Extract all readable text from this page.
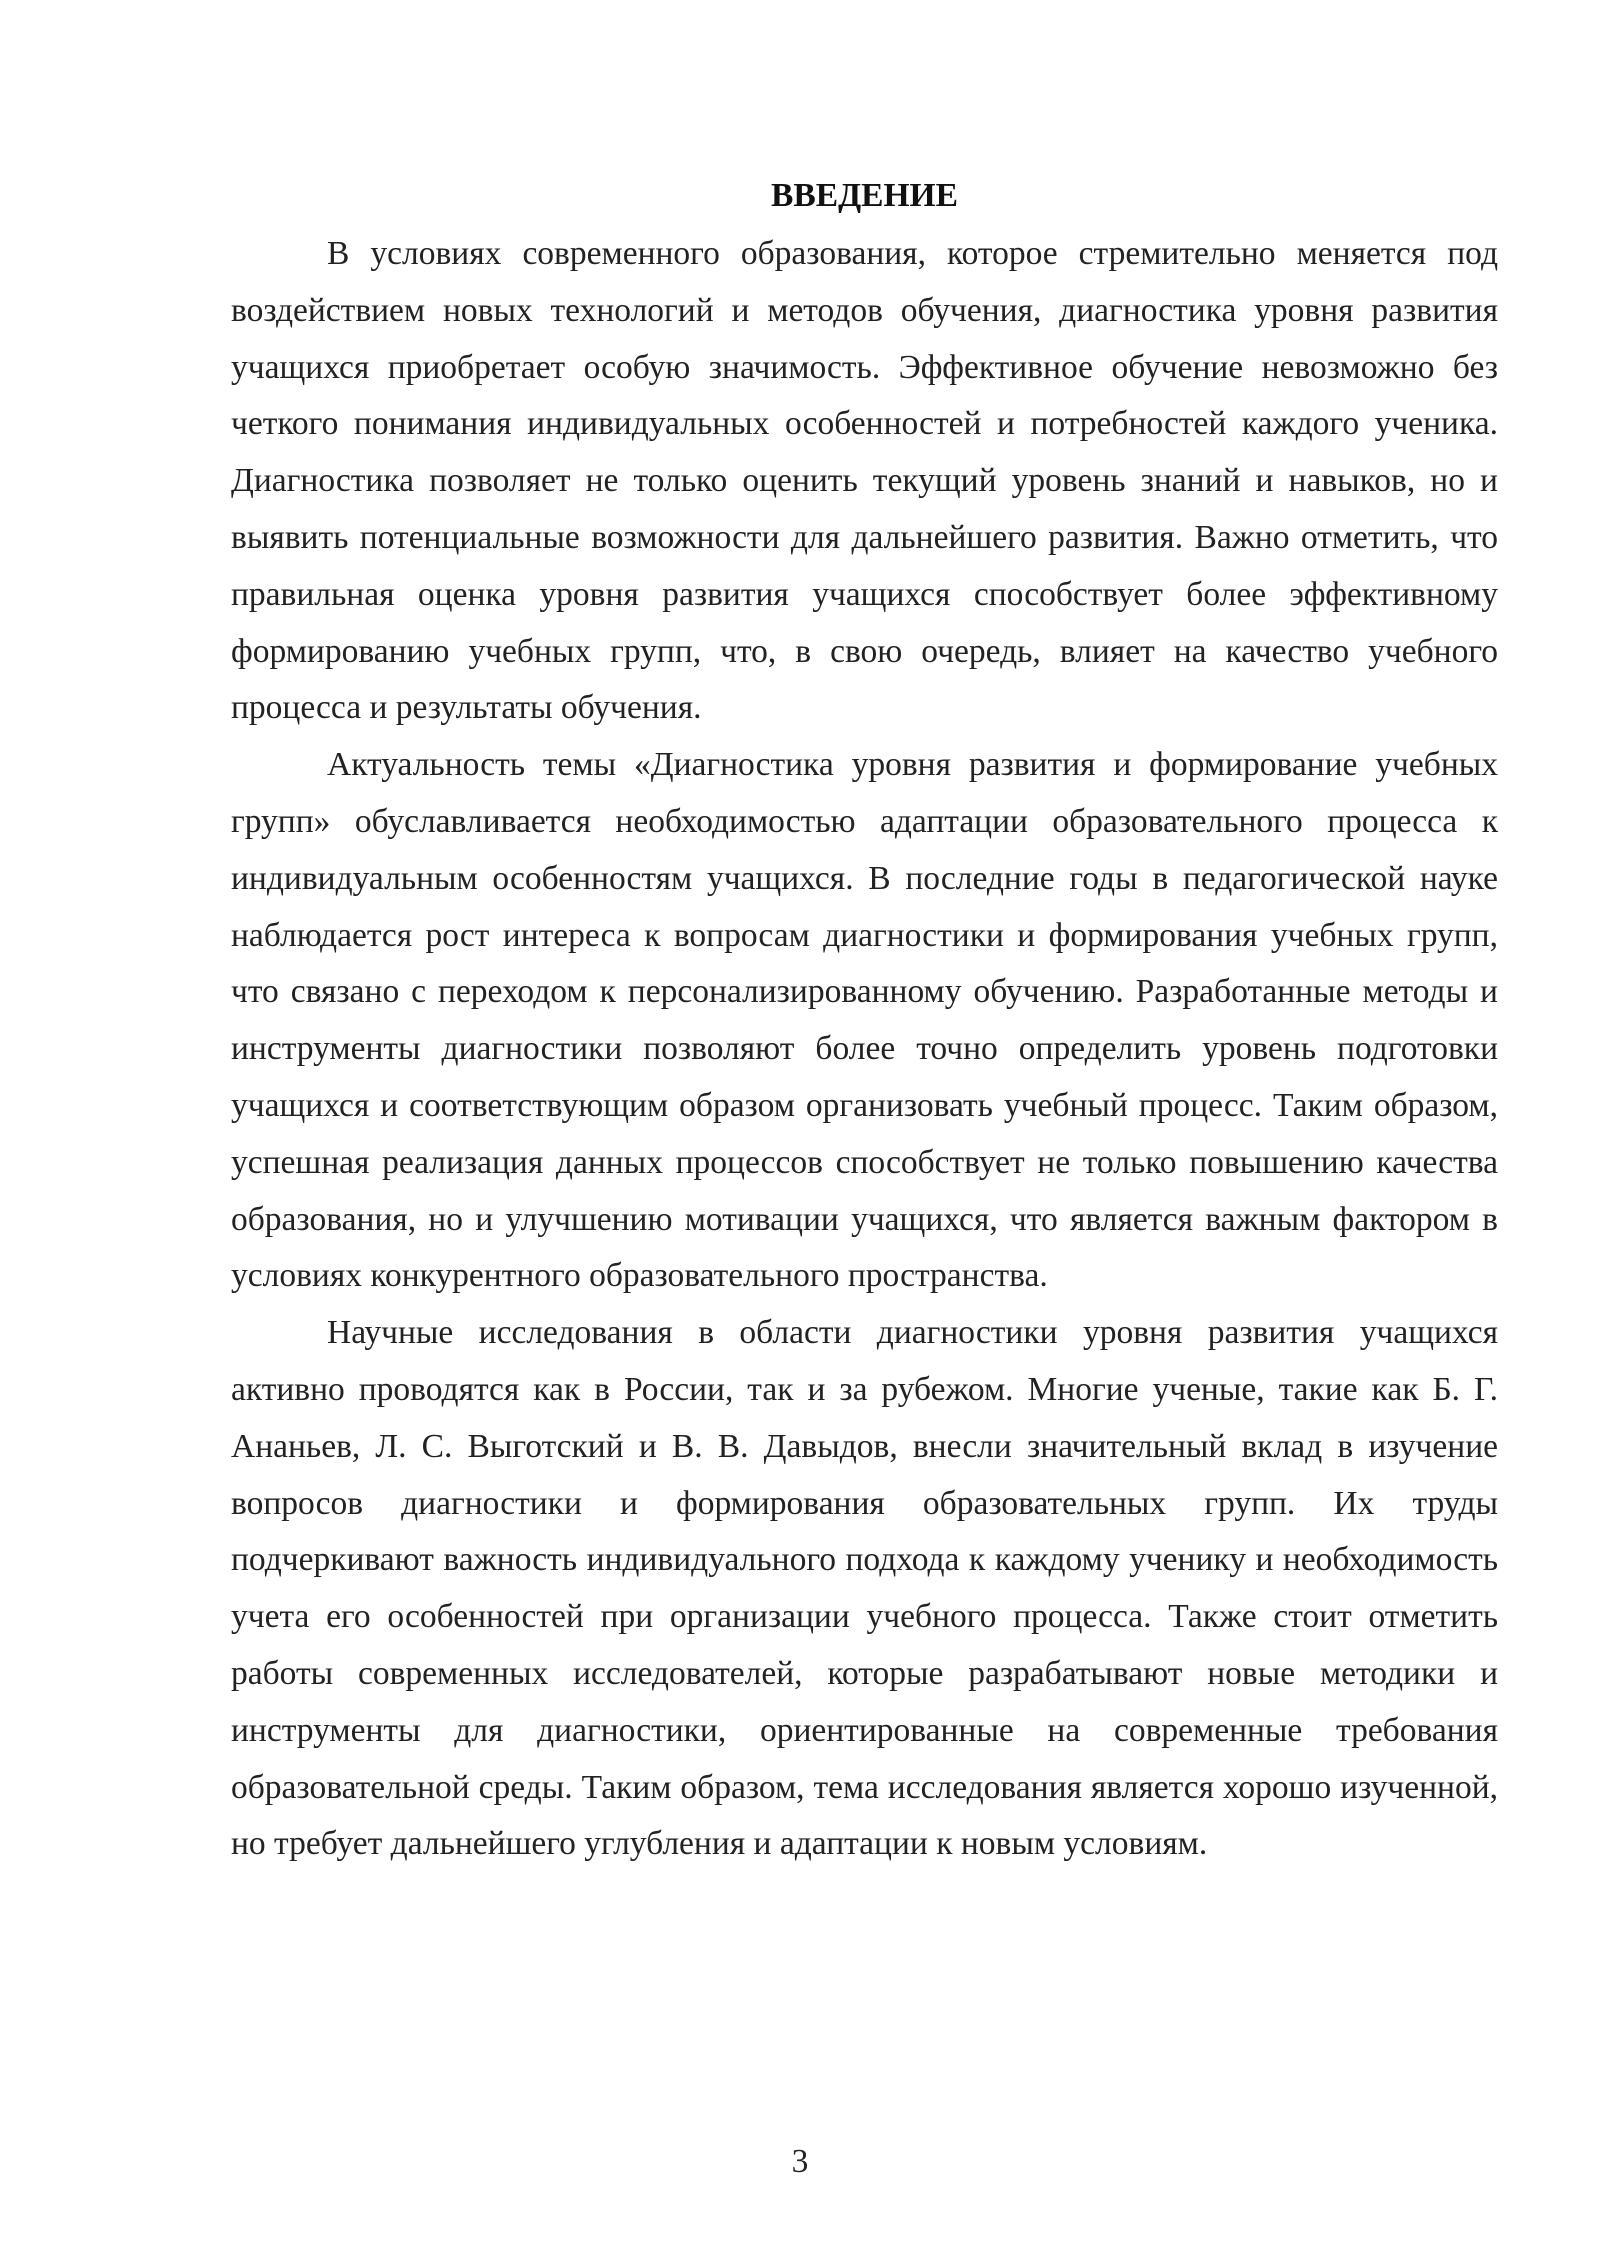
ВВЕДЕНИЕ

В условиях современного образования, которое стремительно меняется под воздействием новых технологий и методов обучения, диагностика уровня развития учащихся приобретает особую значимость. Эффективное обучение невозможно без четкого понимания индивидуальных особенностей и потребностей каждого ученика. Диагностика позволяет не только оценить текущий уровень знаний и навыков, но и выявить потенциальные возможности для дальнейшего развития. Важно отметить, что правильная оценка уровня развития учащихся способствует более эффективному формированию учебных групп, что, в свою очередь, влияет на качество учебного процесса и результаты обучения.

Актуальность темы «Диагностика уровня развития и формирование учебных групп» обуславливается необходимостью адаптации образовательного процесса к индивидуальным особенностям учащихся. В последние годы в педагогической науке наблюдается рост интереса к вопросам диагностики и формирования учебных групп, что связано с переходом к персонализированному обучению. Разработанные методы и инструменты диагностики позволяют более точно определить уровень подготовки учащихся и соответствующим образом организовать учебный процесс. Таким образом, успешная реализация данных процессов способствует не только повышению качества образования, но и улучшению мотивации учащихся, что является важным фактором в условиях конкурентного образовательного пространства.

Научные исследования в области диагностики уровня развития учащихся активно проводятся как в России, так и за рубежом. Многие ученые, такие как Б. Г. Ананьев, Л. С. Выготский и В. В. Давыдов, внесли значительный вклад в изучение вопросов диагностики и формирования образовательных групп. Их труды подчеркивают важность индивидуального подхода к каждому ученику и необходимость учета его особенностей при организации учебного процесса. Также стоит отметить работы современных исследователей, которые разрабатывают новые методики и инструменты для диагностики, ориентированные на современные требования образовательной среды. Таким образом, тема исследования является хорошо изученной, но требует дальнейшего углубления и адаптации к новым условиям.

3
